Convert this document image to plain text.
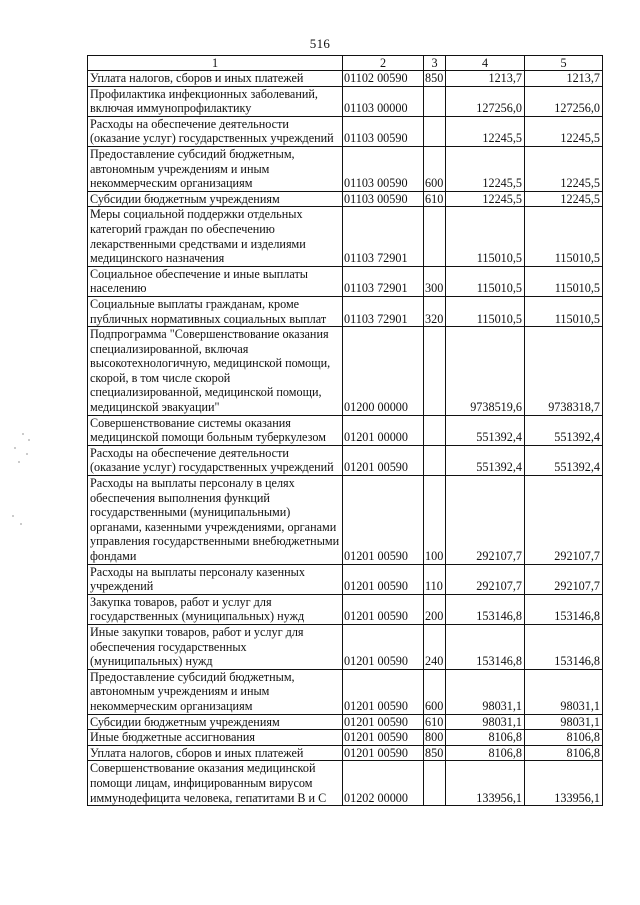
516
1	2	3	4	5
Уплата налогов, сборов и иных платежей	01102 00590	850	1213,7	1213,7
Профилактика инфекционных заболеваний, включая иммунопрофилактику	01103 00000		127256,0	127256,0
Расходы на обеспечение деятельности (оказание услуг) государственных учреждений	01103 00590		12245,5	12245,5
Предоставление субсидий бюджетным, автономным учреждениям и иным некоммерческим организациям	01103 00590	600	12245,5	12245,5
Субсидии бюджетным учреждениям	01103 00590	610	12245,5	12245,5
Меры социальной поддержки отдельных категорий граждан по обеспечению лекарственными средствами и изделиями медицинского назначения	01103 72901		115010,5	115010,5
Социальное обеспечение и иные выплаты населению	01103 72901	300	115010,5	115010,5
Социальные выплаты гражданам, кроме публичных нормативных социальных выплат	01103 72901	320	115010,5	115010,5
Подпрограмма "Совершенствование оказания специализированной, включая высокотехнологичную, медицинской помощи, скорой, в том числе скорой специализированной, медицинской помощи, медицинской эвакуации"	01200 00000		9738519,6	9738318,7
Совершенствование системы оказания медицинской помощи больным туберкулезом	01201 00000		551392,4	551392,4
Расходы на обеспечение деятельности (оказание услуг) государственных учреждений	01201 00590		551392,4	551392,4
Расходы на выплаты персоналу в целях обеспечения выполнения функций государственными (муниципальными) органами, казенными учреждениями, органами управления государственными внебюджетными фондами	01201 00590	100	292107,7	292107,7
Расходы на выплаты персоналу казенных учреждений	01201 00590	110	292107,7	292107,7
Закупка товаров, работ и услуг для государственных (муниципальных) нужд	01201 00590	200	153146,8	153146,8
Иные закупки товаров, работ и услуг для обеспечения государственных (муниципальных) нужд	01201 00590	240	153146,8	153146,8
Предоставление субсидий бюджетным, автономным учреждениям и иным некоммерческим организациям	01201 00590	600	98031,1	98031,1
Субсидии бюджетным учреждениям	01201 00590	610	98031,1	98031,1
Иные бюджетные ассигнования	01201 00590	800	8106,8	8106,8
Уплата налогов, сборов и иных платежей	01201 00590	850	8106,8	8106,8
Совершенствование оказания медицинской помощи лицам, инфицированным вирусом иммунодефицита человека, гепатитами B и C	01202 00000		133956,1	133956,1
